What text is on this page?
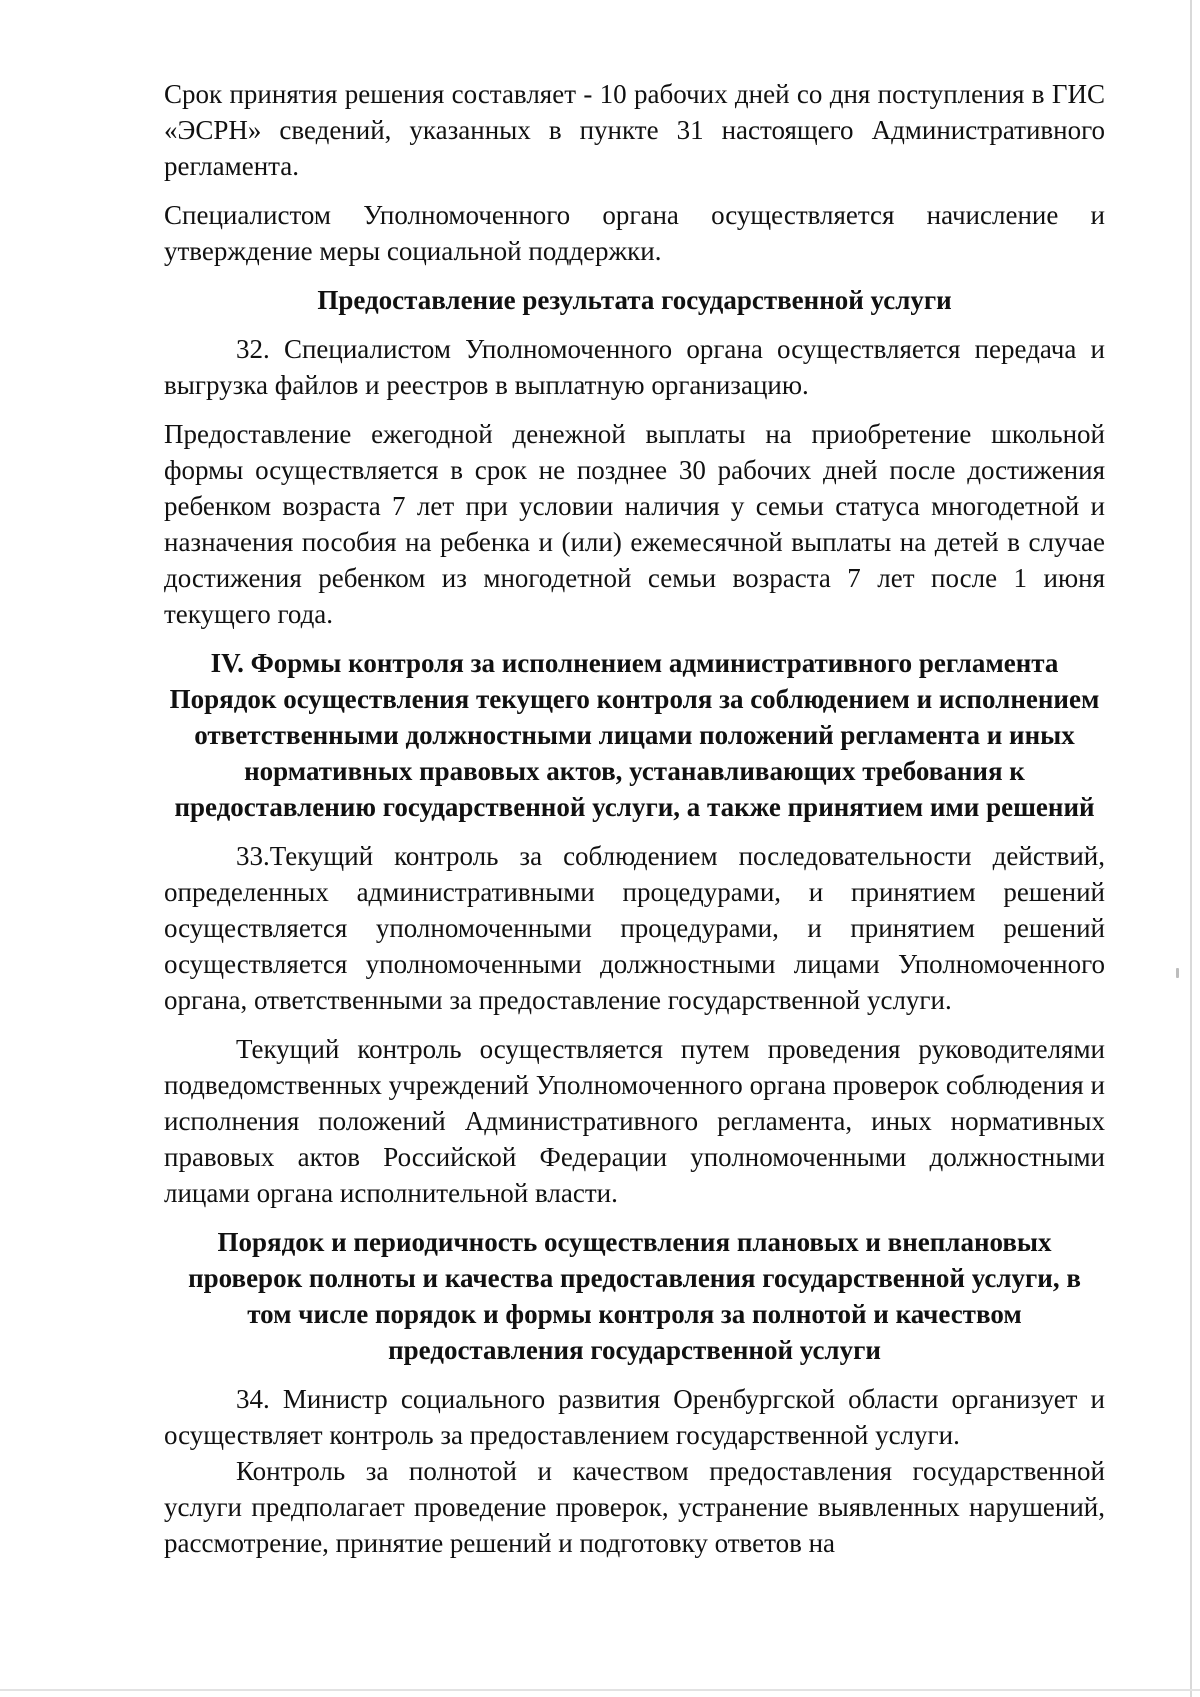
Срок принятия решения составляет - 10 рабочих дней со дня поступления в ГИС «ЭСРН» сведений, указанных в пункте 31 настоящего Административного регламента.

Специалистом Уполномоченного органа осуществляется начисление и утверждение меры социальной поддержки.

Предоставление результата государственной услуги

32. Специалистом Уполномоченного органа осуществляется передача и выгрузка файлов и реестров в выплатную организацию.

Предоставление ежегодной денежной выплаты на приобретение школьной формы осуществляется в срок не позднее 30 рабочих дней после достижения ребенком возраста 7 лет при условии наличия у семьи статуса многодетной и назначения пособия на ребенка и (или) ежемесячной выплаты на детей в случае достижения ребенком из многодетной семьи возраста 7 лет после 1 июня текущего года.

IV. Формы контроля за исполнением административного регламента Порядок осуществления текущего контроля за соблюдением и исполнением ответственными должностными лицами положений регламента и иных нормативных правовых актов, устанавливающих требования к предоставлению государственной услуги, а также принятием ими решений

33.Текущий контроль за соблюдением последовательности действий, определенных административными процедурами, и принятием решений осуществляется уполномоченными процедурами, и принятием решений осуществляется уполномоченными должностными лицами Уполномоченного органа, ответственными за предоставление государственной услуги.

Текущий контроль осуществляется путем проведения руководителями подведомственных учреждений Уполномоченного органа проверок соблюдения и исполнения положений Административного регламента, иных нормативных правовых актов Российской Федерации уполномоченными должностными лицами органа исполнительной власти.

Порядок и периодичность осуществления плановых и внеплановых проверок полноты и качества предоставления государственной услуги, в том числе порядок и формы контроля за полнотой и качеством предоставления государственной услуги

34. Министр социального развития Оренбургской области организует и осуществляет контроль за предоставлением государственной услуги.

Контроль за полнотой и качеством предоставления государственной услуги предполагает проведение проверок, устранение выявленных нарушений, рассмотрение, принятие решений и подготовку ответов на
